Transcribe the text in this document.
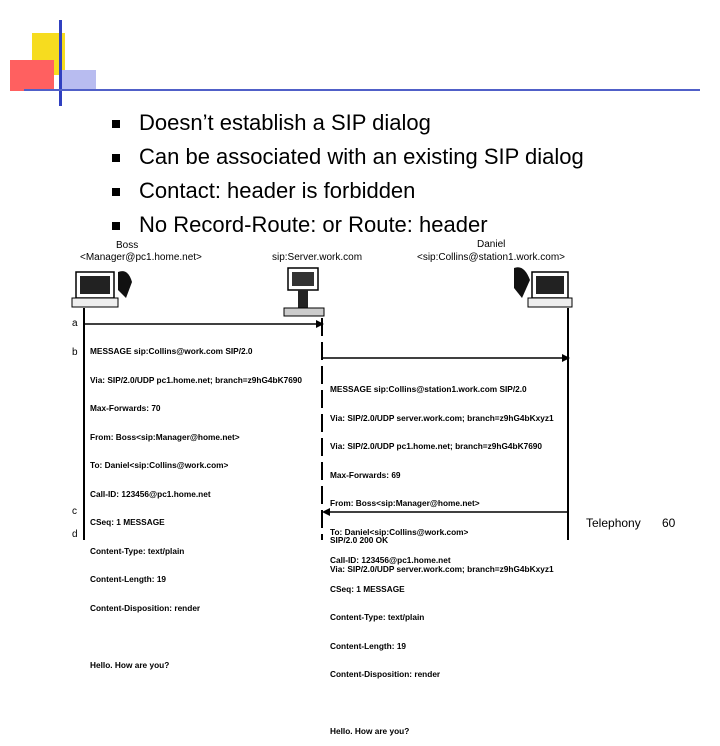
Doesn’t establish a SIP dialog
Can be associated with an existing SIP dialog
Contact: header is forbidden
No Record-Route: or Route: header
Boss
<Manager@pc1.home.net>	sip:Server.work.com
Daniel
<sip:Collins@station1.work.com>
a
b
c
d

MESSAGE sip:Collins@work.com SIP/2.0

Via: SIP/2.0/UDP pc1.home.net; branch=z9hG4bK7690

Max-Forwards: 70

From: Boss<sip:Manager@home.net>

To: Daniel<sip:Collins@work.com>

Call-ID: 123456@pc1.home.net

CSeq: 1 MESSAGE

Content-Type: text/plain

Content-Length: 19

Content-Disposition: render

Hello. How are you?

MESSAGE sip:Collins@station1.work.com SIP/2.0

Via: SIP/2.0/UDP server.work.com; branch=z9hG4bKxyz1

Via: SIP/2.0/UDP pc1.home.net; branch=z9hG4bK7690

Max-Forwards: 69

From: Boss<sip:Manager@home.net>

To: Daniel<sip:Collins@work.com>

Call-ID: 123456@pc1.home.net

CSeq: 1 MESSAGE

Content-Type: text/plain

Content-Length: 19

Content-Disposition: render

Hello. How are you?

SIP/2.0 200 OK

Via: SIP/2.0/UDP server.work.com; branch=z9hG4bKxyz1

Telephony 60
